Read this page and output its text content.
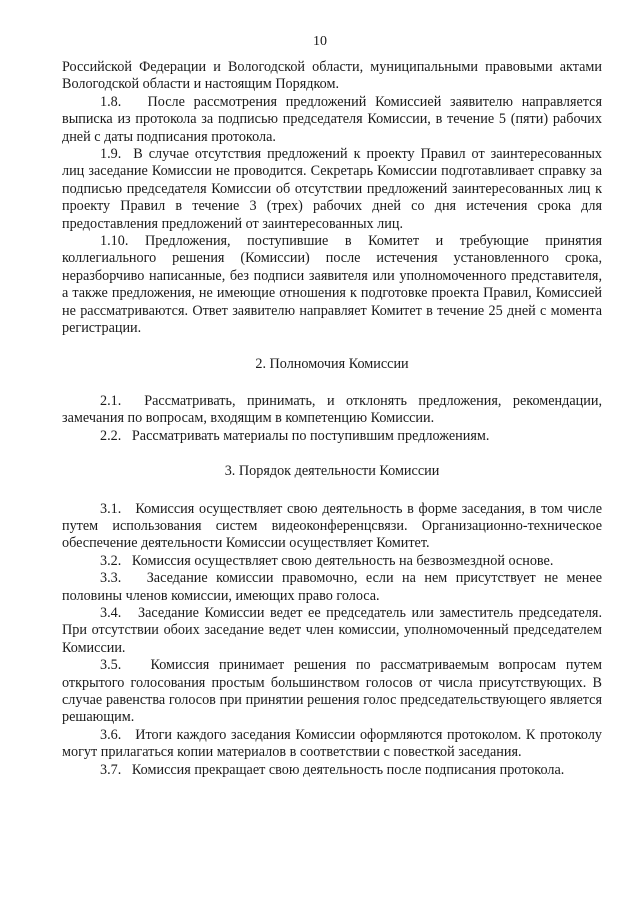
10

Российской Федерации и Вологодской области, муниципальными правовыми актами Вологодской области и настоящим Порядком.

1.8.   После рассмотрения предложений Комиссией заявителю направляется выписка из протокола за подписью председателя Комиссии, в течение 5 (пяти) рабочих дней с даты подписания протокола.

1.9.  В случае отсутствия предложений к проекту Правил от заинтересованных лиц заседание Комиссии не проводится. Секретарь Комиссии подготавливает справку за подписью председателя Комиссии об отсутствии предложений заинтересованных лиц к проекту Правил в течение 3 (трех) рабочих дней со дня истечения срока для предоставления предложений от заинтересованных лиц.

1.10. Предложения, поступившие в Комитет и требующие принятия коллегиального решения (Комиссии) после истечения установленного срока, неразборчиво написанные, без подписи заявителя или уполномоченного представителя, а также предложения, не имеющие отношения к подготовке проекта Правил, Комиссией не рассматриваются. Ответ заявителю направляет Комитет в течение 25 дней с момента регистрации.

2. Полномочия Комиссии

2.1.  Рассматривать, принимать, и отклонять предложения, рекомендации, замечания по вопросам, входящим в компетенцию Комиссии.

2.2.   Рассматривать материалы по поступившим предложениям.

3. Порядок деятельности Комиссии

3.1.   Комиссия осуществляет свою деятельность в форме заседания, в том числе путем использования систем видеоконференцсвязи. Организационно-техническое обеспечение деятельности Комиссии осуществляет Комитет.

3.2.   Комиссия осуществляет свою деятельность на безвозмездной основе.

3.3.   Заседание комиссии правомочно, если на нем присутствует не менее половины членов комиссии, имеющих право голоса.

3.4.   Заседание Комиссии ведет ее председатель или заместитель председателя. При отсутствии обоих заседание ведет член комиссии, уполномоченный председателем Комиссии.

3.5.   Комиссия принимает решения по рассматриваемым вопросам путем открытого голосования простым большинством голосов от числа присутствующих. В случае равенства голосов при принятии решения голос председательствующего является решающим.

3.6.   Итоги каждого заседания Комиссии оформляются протоколом. К протоколу могут прилагаться копии материалов в соответствии с повесткой заседания.

3.7.   Комиссия прекращает свою деятельность после подписания протокола.
